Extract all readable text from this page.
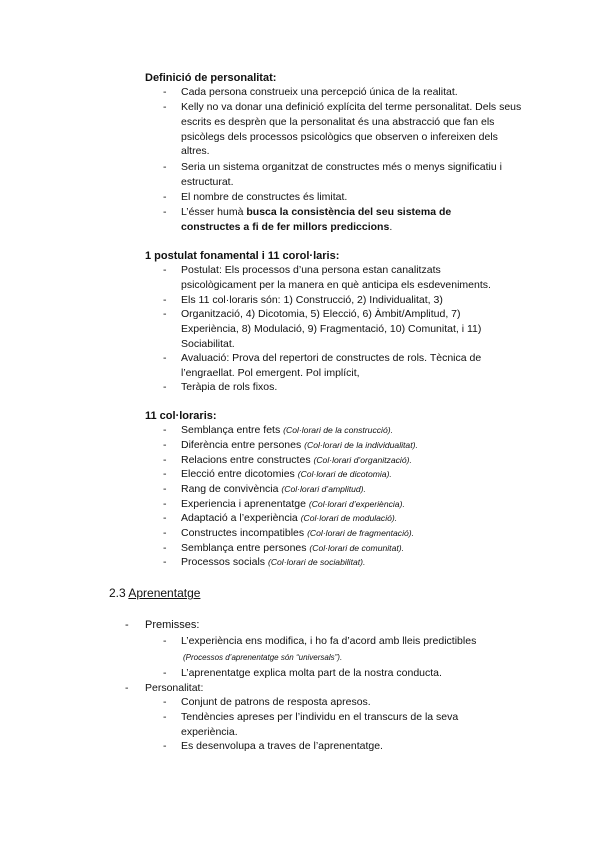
Definició de personalitat:
- Cada persona construeix una percepció única de la realitat.
- Kelly no va donar una definició explícita del terme personalitat. Dels seus escrits es desprèn que la personalitat és una abstracció que fan els psicòlegs dels processos psicològics que observen o infereixen dels altres.
- Seria un sistema organitzat de constructes més o menys significatiu i estructurat.
- El nombre de constructes és limitat.
- L’ésser humà busca la consistència del seu sistema de constructes a fi de fer millors prediccions.
1 postulat fonamental i 11 corol·laris:
- Postulat: Els processos d’una persona estan canalitzats psicològicament per la manera en què anticipa els esdeveniments.
- Els 11 col·loraris són: 1) Construcció, 2) Individualitat, 3)
- Organització, 4) Dicotomia, 5) Elecció, 6) Àmbit/Amplitud, 7) Experiència, 8) Modulació, 9) Fragmentació, 10) Comunitat, i 11) Sociabilitat.
- Avaluació: Prova del repertori de constructes de rols. Tècnica de l’engraellat. Pol emergent. Pol implícit,
- Teràpia de rols fixos.
11 col·loraris:
- Semblança entre fets (Col·lorari de la construcció).
- Diferència entre persones (Col·lorari de la individualitat).
- Relacions entre constructes (Col·lorari d’organització).
- Elecció entre dicotomies (Col·lorari de dicotomia).
- Rang de convivència (Col·lorari d’amplitud).
- Experiencia i aprenentatge (Col·lorari d’experiència).
- Adaptació a l’experiència (Col·lorari de modulació).
- Constructes incompatibles (Col·lorari de fragmentació).
- Semblança entre persones (Col·lorari de comunitat).
- Processos socials (Col·lorari de sociabilitat).
2.3 Aprenentatge
- Premisses:
- L’experiència ens modifica, i ho fa d’acord amb lleis predictibles
(Processos d’aprenentatge són “universals”).
- L’aprenentatge explica molta part de la nostra conducta.
- Personalitat:
- Conjunt de patrons de resposta apresos.
- Tendències apreses per l’individu en el transcurs de la seva experiència.
- Es desenvolupa a traves de l’aprenentatge.
